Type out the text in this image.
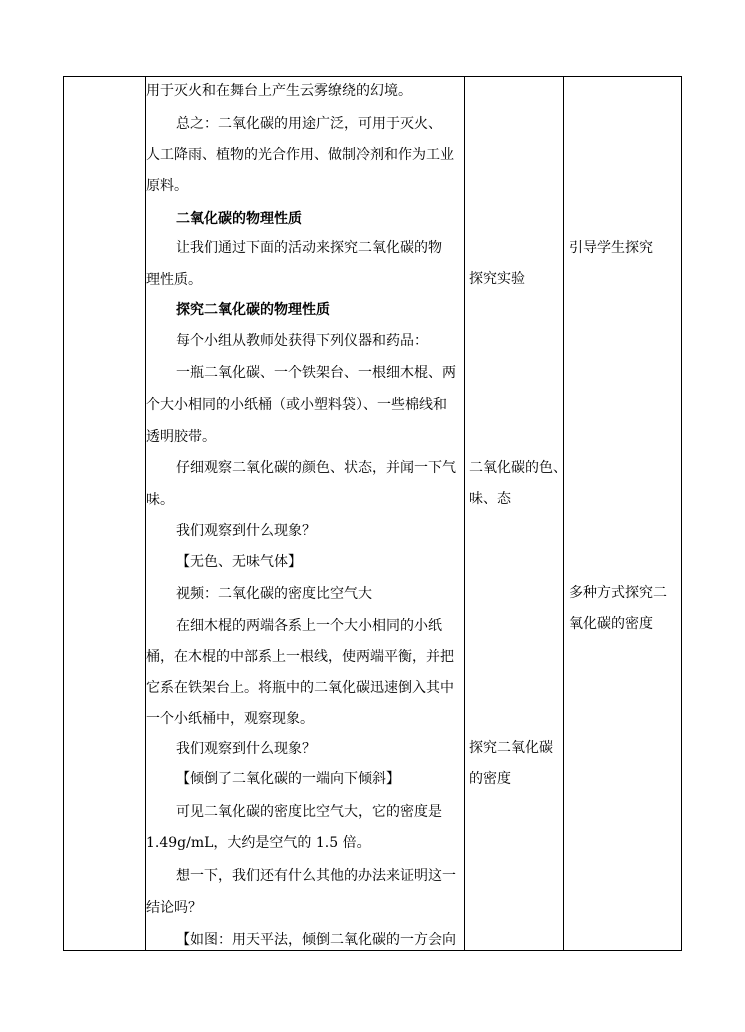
用于灭火和在舞台上产生云雾缭绕的幻境。
总之：二氧化碳的用途广泛，可用于灭火、
人工降雨、植物的光合作用、做制冷剂和作为工业
原料。
二氧化碳的物理性质
让我们通过下面的活动来探究二氧化碳的物
理性质。
探究二氧化碳的物理性质
每个小组从教师处获得下列仪器和药品：
一瓶二氧化碳、一个铁架台、一根细木棍、两
个大小相同的小纸桶（或小塑料袋）、一些棉线和
透明胶带。
仔细观察二氧化碳的颜色、状态，并闻一下气
味。
我们观察到什么现象？
【无色、无味气体】
视频：二氧化碳的密度比空气大
在细木棍的两端各系上一个大小相同的小纸
桶，在木棍的中部系上一根线，使两端平衡，并把
它系在铁架台上。将瓶中的二氧化碳迅速倒入其中
一个小纸桶中，观察现象。
我们观察到什么现象？
【倾倒了二氧化碳的一端向下倾斜】
可见二氧化碳的密度比空气大，它的密度是
1.49g/mL，大约是空气的 1.5 倍。
想一下，我们还有什么其他的办法来证明这一
结论吗？
【如图：用天平法，倾倒二氧化碳的一方会向
探究实验
二氧化碳的色、
味、态
探究二氧化碳
的密度
引导学生探究
多种方式探究二
氧化碳的密度
